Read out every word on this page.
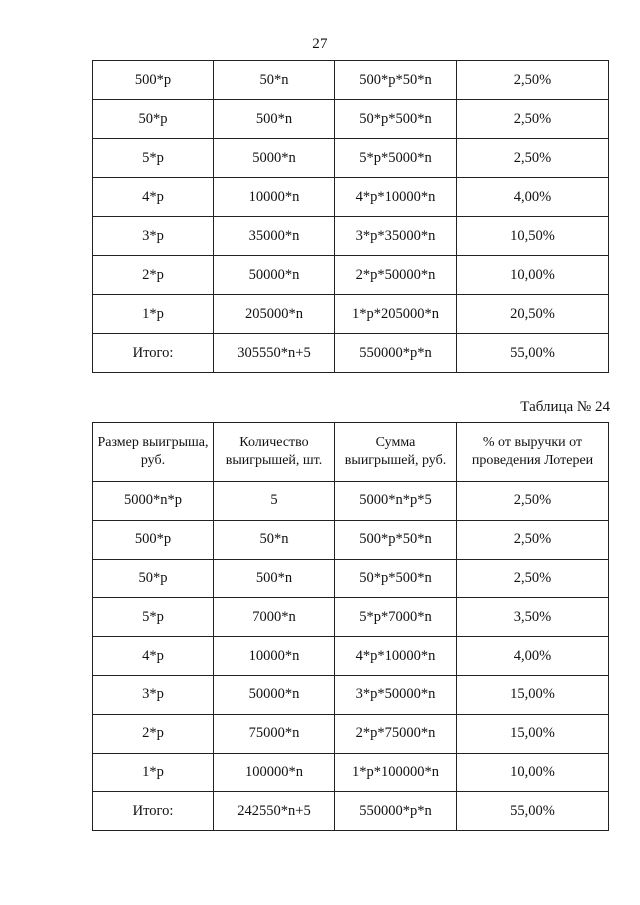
27
500*р	50*n	500*р*50*n	2,50%
50*р	500*n	50*р*500*n	2,50%
5*р	5000*n	5*р*5000*n	2,50%
4*р	10000*n	4*р*10000*n	4,00%
3*р	35000*n	3*р*35000*n	10,50%
2*р	50000*n	2*р*50000*n	10,00%
1*р	205000*n	1*р*205000*n	20,50%
Итого:	305550*n+5	550000*р*n	55,00%
Таблица № 24
Размер выигрыша, руб.	Количество выигрышей, шт.	Сумма выигрышей, руб.	% от выручки от проведения Лотереи
5000*n*р	5	5000*n*р*5	2,50%
500*р	50*n	500*р*50*n	2,50%
50*р	500*n	50*р*500*n	2,50%
5*р	7000*n	5*р*7000*n	3,50%
4*р	10000*n	4*р*10000*n	4,00%
3*р	50000*n	3*р*50000*n	15,00%
2*р	75000*n	2*р*75000*n	15,00%
1*р	100000*n	1*р*100000*n	10,00%
Итого:	242550*n+5	550000*р*n	55,00%
